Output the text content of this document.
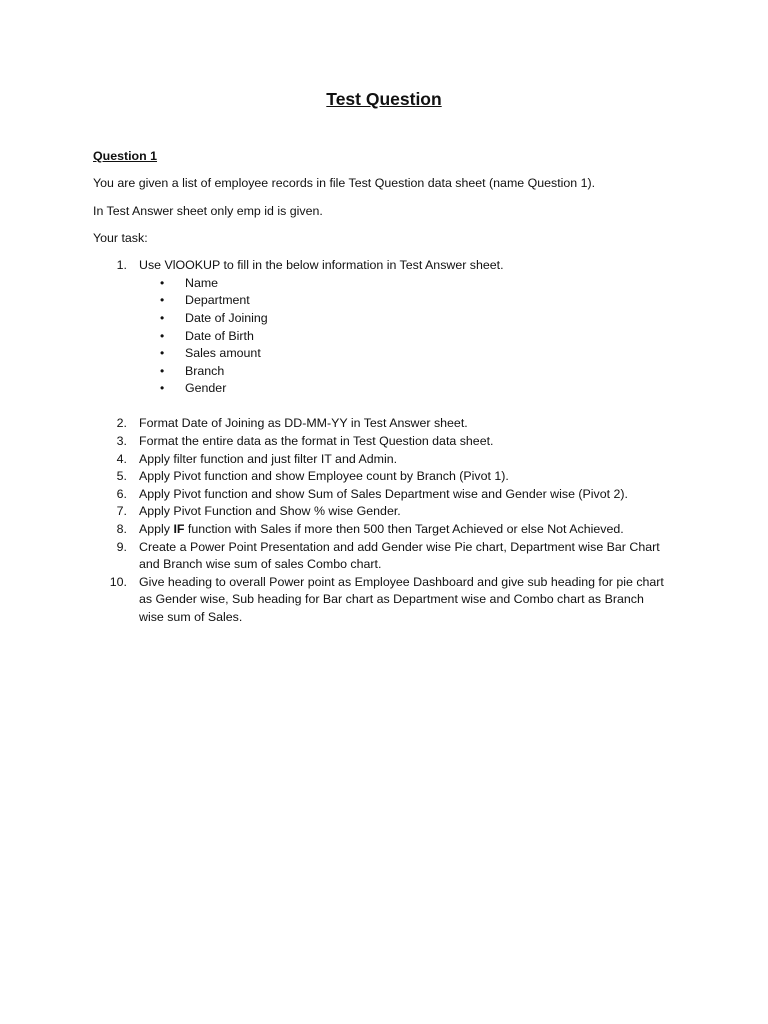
Test Question
Question 1
You are given a list of employee records in file Test Question data sheet (name Question 1).
In Test Answer sheet only emp id is given.
Your task:
1. Use VlOOKUP to fill in the below information in Test Answer sheet.
• Name
• Department
• Date of Joining
• Date of Birth
• Sales amount
• Branch
• Gender
2. Format Date of Joining as DD-MM-YY in Test Answer sheet.
3. Format the entire data as the format in Test Question data sheet.
4. Apply filter function and just filter IT and Admin.
5. Apply Pivot function and show Employee count by Branch (Pivot 1).
6. Apply Pivot function and show Sum of Sales Department wise and Gender wise (Pivot 2).
7. Apply Pivot Function and Show % wise Gender.
8. Apply IF function with Sales if more then 500 then Target Achieved or else Not Achieved.
9. Create a Power Point Presentation and add Gender wise Pie chart, Department wise Bar Chart and Branch wise sum of sales Combo chart.
10. Give heading to overall Power point as Employee Dashboard and give sub heading for pie chart as Gender wise, Sub heading for Bar chart as Department wise and Combo chart as Branch wise sum of Sales.
